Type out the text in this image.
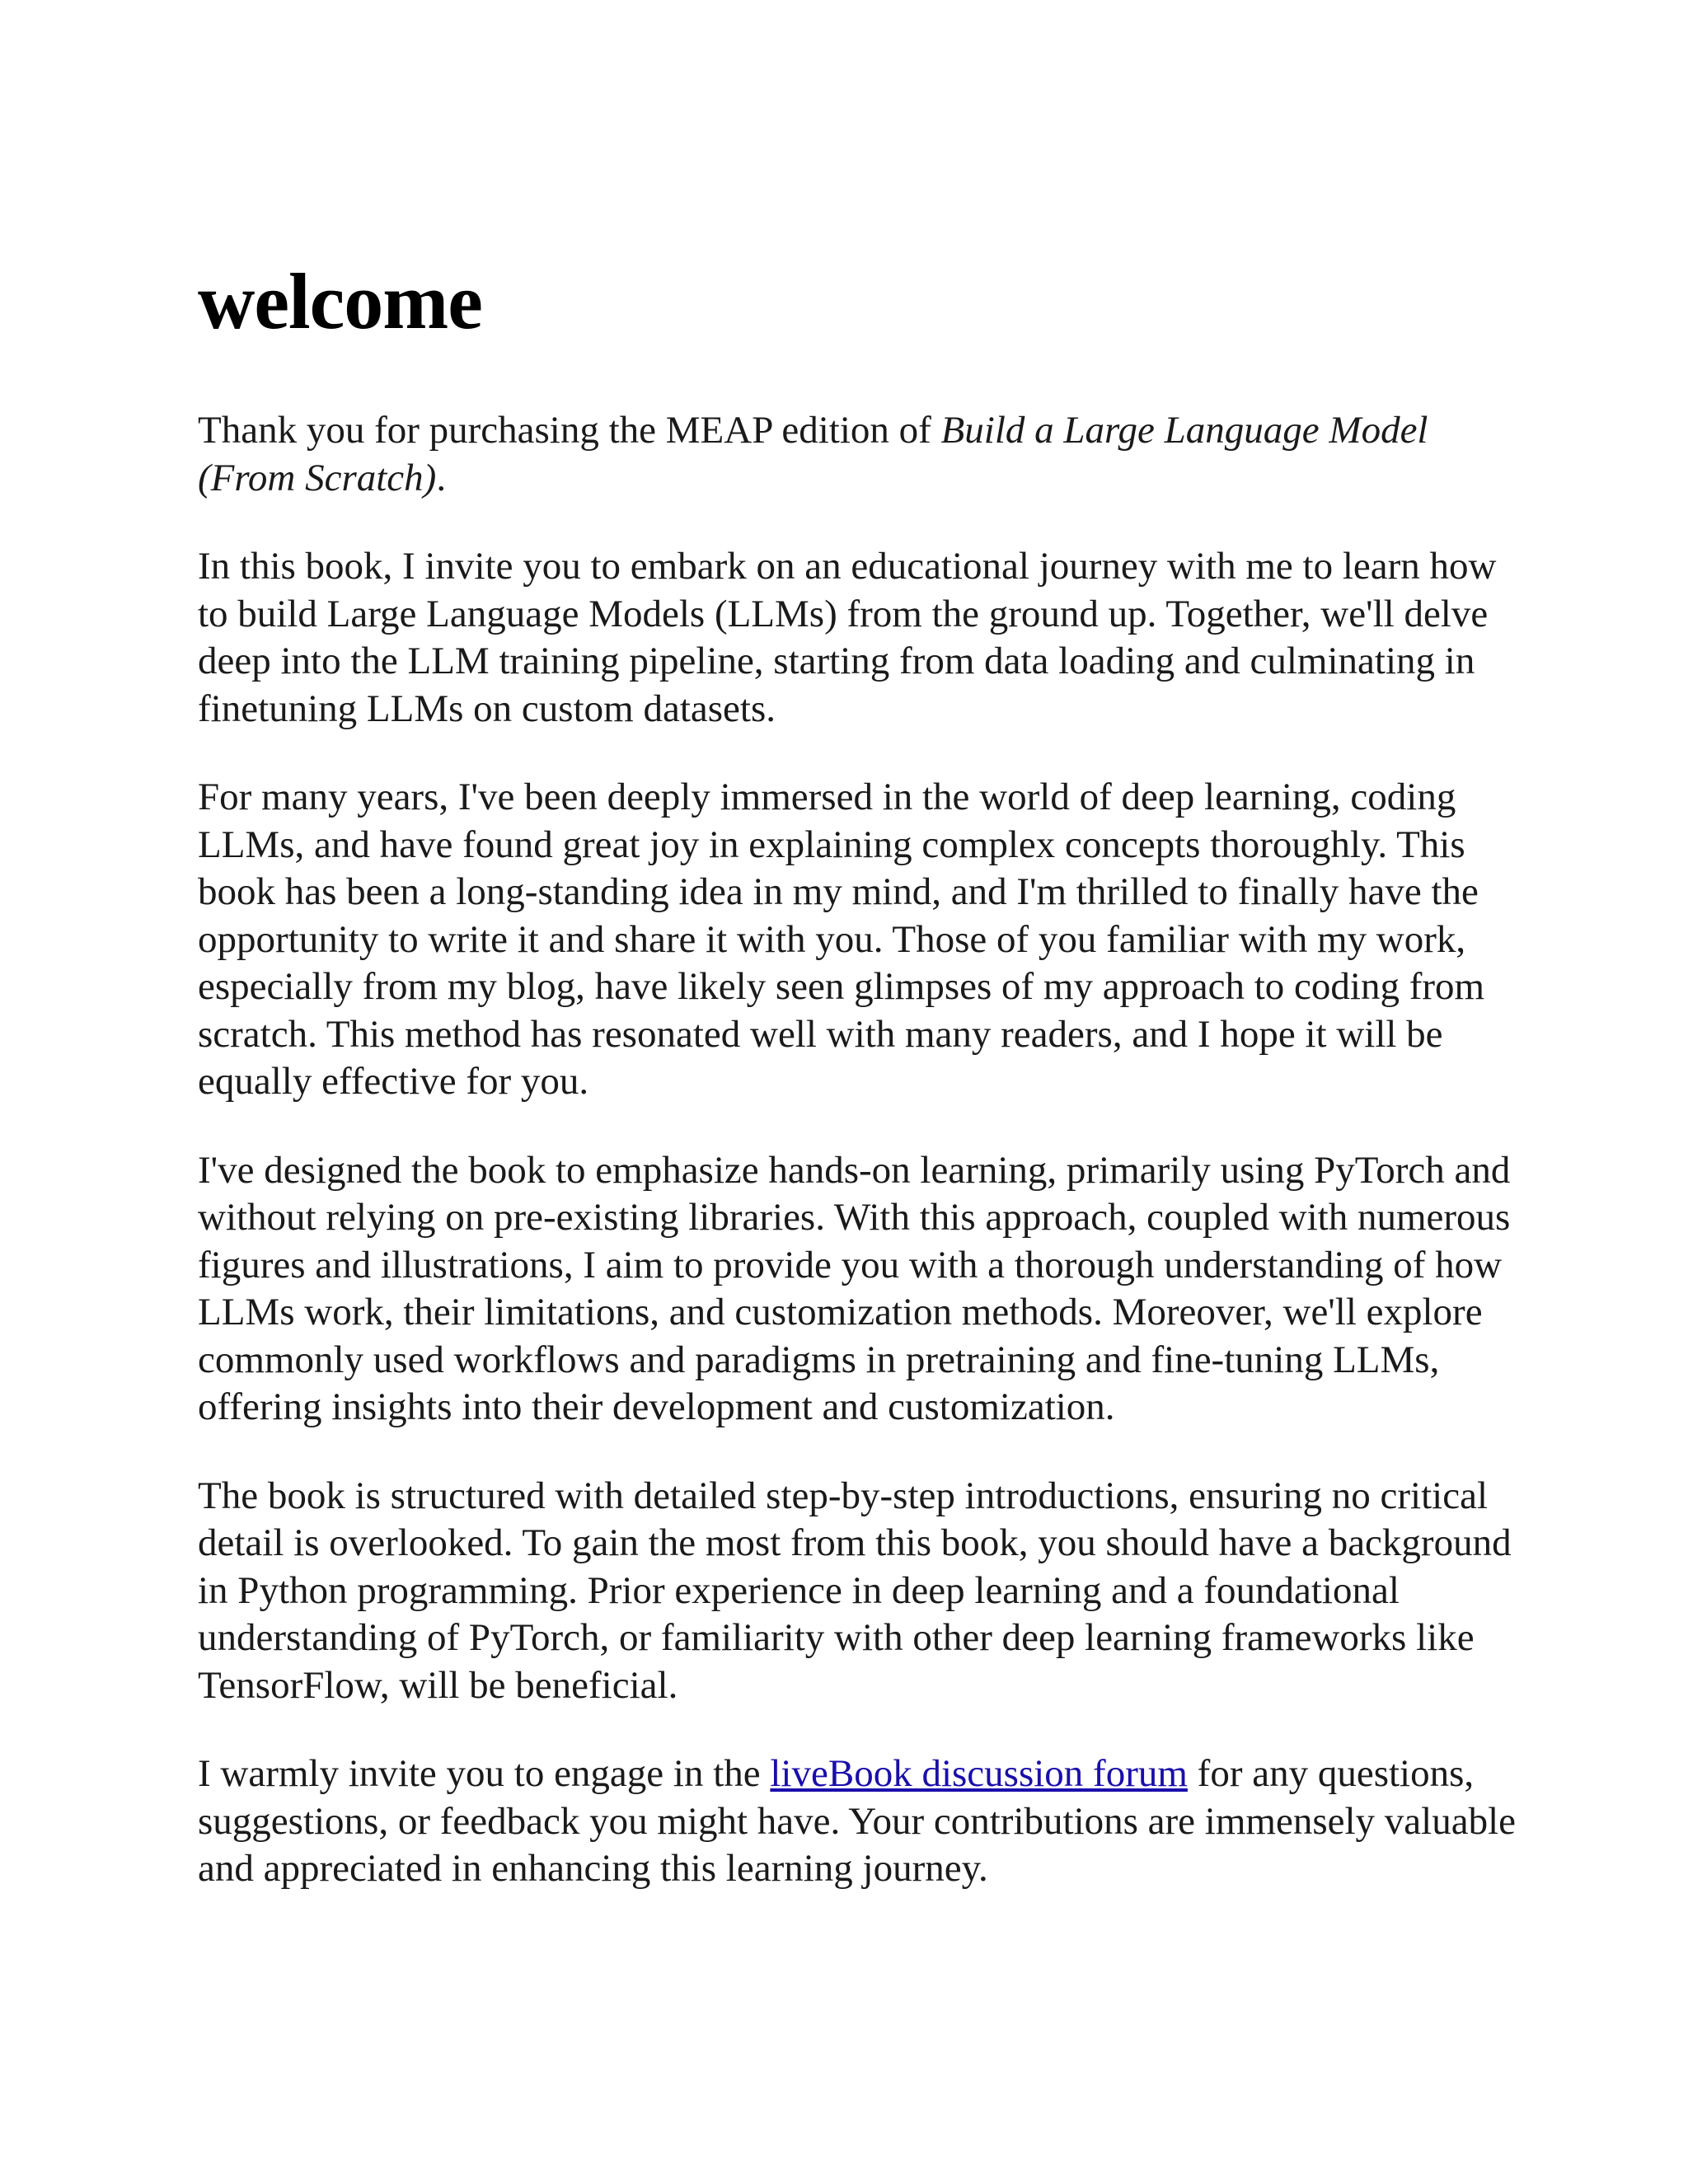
welcome

Thank you for purchasing the MEAP edition of Build a Large Language Model (From Scratch).

In this book, I invite you to embark on an educational journey with me to learn how to build Large Language Models (LLMs) from the ground up. Together, we'll delve deep into the LLM training pipeline, starting from data loading and culminating in finetuning LLMs on custom datasets.

For many years, I've been deeply immersed in the world of deep learning, coding LLMs, and have found great joy in explaining complex concepts thoroughly. This book has been a long-standing idea in my mind, and I'm thrilled to finally have the opportunity to write it and share it with you. Those of you familiar with my work, especially from my blog, have likely seen glimpses of my approach to coding from scratch. This method has resonated well with many readers, and I hope it will be equally effective for you.

I've designed the book to emphasize hands-on learning, primarily using PyTorch and without relying on pre-existing libraries. With this approach, coupled with numerous figures and illustrations, I aim to provide you with a thorough understanding of how LLMs work, their limitations, and customization methods. Moreover, we'll explore commonly used workflows and paradigms in pretraining and fine-tuning LLMs, offering insights into their development and customization.

The book is structured with detailed step-by-step introductions, ensuring no critical detail is overlooked. To gain the most from this book, you should have a background in Python programming. Prior experience in deep learning and a foundational understanding of PyTorch, or familiarity with other deep learning frameworks like TensorFlow, will be beneficial.

I warmly invite you to engage in the liveBook discussion forum for any questions, suggestions, or feedback you might have. Your contributions are immensely valuable and appreciated in enhancing this learning journey.
